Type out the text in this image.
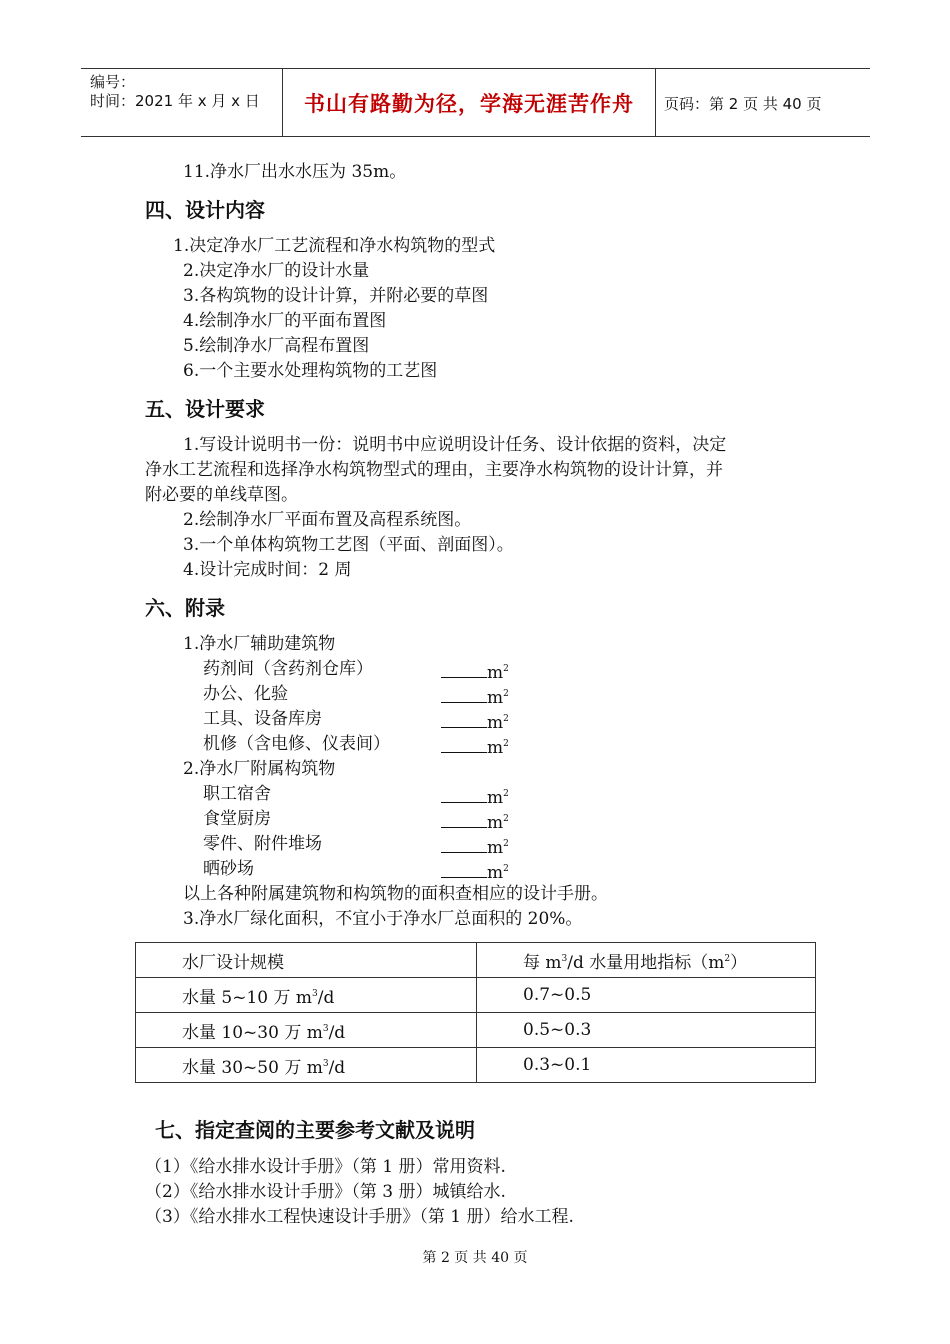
编号：
时间：2021 年 x 月 x 日	书山有路勤为径，学海无涯苦作舟	页码：第 2 页 共 40 页
11.净水厂出水水压为 35m。
四、设计内容
1.决定净水厂工艺流程和净水构筑物的型式
2.决定净水厂的设计水量
3.各构筑物的设计计算，并附必要的草图
4.绘制净水厂的平面布置图
5.绘制净水厂高程布置图
6.一个主要水处理构筑物的工艺图
五、设计要求
1.写设计说明书一份：说明书中应说明设计任务、设计依据的资料，决定
净水工艺流程和选择净水构筑物型式的理由，主要净水构筑物的设计计算，并
附必要的单线草图。
2.绘制净水厂平面布置及高程系统图。
3.一个单体构筑物工艺图（平面、剖面图）。
4.设计完成时间：2 周
六、附录
1.净水厂辅助建筑物
药剂间（含药剂仓库）	$m^2$
办公、化验	$m^2$
工具、设备库房	$m^2$
机修（含电修、仪表间）	$m^2$
2.净水厂附属构筑物
职工宿舍	$m^2$
食堂厨房	$m^2$
零件、附件堆场	$m^2$
晒砂场	$m^2$
以上各种附属建筑物和构筑物的面积查相应的设计手册。
3.净水厂绿化面积，不宜小于净水厂总面积的 20%。
水厂设计规模	每 $m^3/d$ 水量用地指标$(m^2)$
水量 5~10 万 $m^3/d$	0.7~0.5
水量 10~30 万 $m^3/d$	0.5~0.3
水量 30~50 万 $m^3/d$	0.3~0.1
七、指定查阅的主要参考文献及说明
（1）《给水排水设计手册》（第 1 册）常用资料.
（2）《给水排水设计手册》（第 3 册）城镇给水.
（3）《给水排水工程快速设计手册》（第 1 册）给水工程.
第 2 页 共 40 页
